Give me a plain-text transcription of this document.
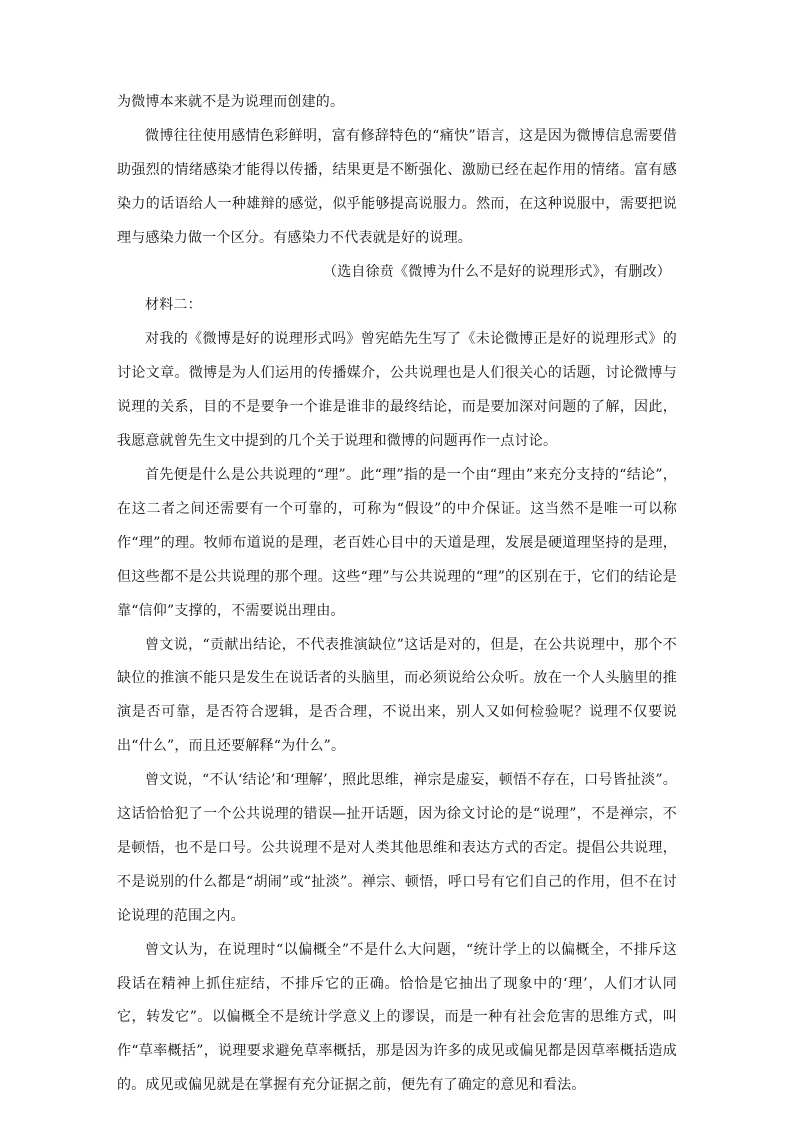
为微博本来就不是为说理而创建的。

微博往往使用感情色彩鲜明，富有修辞特色的“痛快”语言，这是因为微博信息需要借助强烈的情绪感染才能得以传播，结果更是不断强化、激励已经在起作用的情绪。富有感染力的话语给人一种雄辩的感觉，似乎能够提高说服力。然而，在这种说服中，需要把说理与感染力做一个区分。有感染力不代表就是好的说理。

（选自徐贲《微博为什么不是好的说理形式》，有删改）

材料二：

对我的《微博是好的说理形式吗》曾宪皓先生写了《未论微博正是好的说理形式》的讨论文章。微博是为人们运用的传播媒介，公共说理也是人们很关心的话题，讨论微博与说理的关系，目的不是要争一个谁是谁非的最终结论，而是要加深对问题的了解，因此，我愿意就曾先生文中提到的几个关于说理和微博的问题再作一点讨论。

首先便是什么是公共说理的“理”。此“理”指的是一个由“理由”来充分支持的“结论”，在这二者之间还需要有一个可靠的，可称为“假设”的中介保证。这当然不是唯一可以称作“理”的理。牧师布道说的是理，老百姓心目中的天道是理，发展是硬道理坚持的是理，但这些都不是公共说理的那个理。这些“理”与公共说理的“理”的区别在于，它们的结论是靠“信仰”支撑的，不需要说出理由。

曾文说，“贡献出结论，不代表推演缺位”这话是对的，但是，在公共说理中，那个不缺位的推演不能只是发生在说话者的头脑里，而必须说给公众听。放在一个人头脑里的推演是否可靠，是否符合逻辑，是否合理，不说出来，别人又如何检验呢？说理不仅要说出“什么”，而且还要解释“为什么”。

曾文说，“不认‘结论’和‘理解’，照此思维，禅宗是虚妄，顿悟不存在，口号皆扯淡”。这话恰恰犯了一个公共说理的错误—扯开话题，因为徐文讨论的是“说理”，不是禅宗，不是顿悟，也不是口号。公共说理不是对人类其他思维和表达方式的否定。提倡公共说理，不是说别的什么都是“胡闹”或“扯淡”。禅宗、顿悟，呼口号有它们自己的作用，但不在讨论说理的范围之内。

曾文认为，在说理时“以偏概全”不是什么大问题，“统计学上的以偏概全，不排斥这段话在精神上抓住症结，不排斥它的正确。恰恰是它抽出了现象中的‘理’，人们才认同它，转发它”。以偏概全不是统计学意义上的谬误，而是一种有社会危害的思维方式，叫作“草率概括”，说理要求避免草率概括，那是因为许多的成见或偏见都是因草率概括造成的。成见或偏见就是在掌握有充分证据之前，便先有了确定的意见和看法。
